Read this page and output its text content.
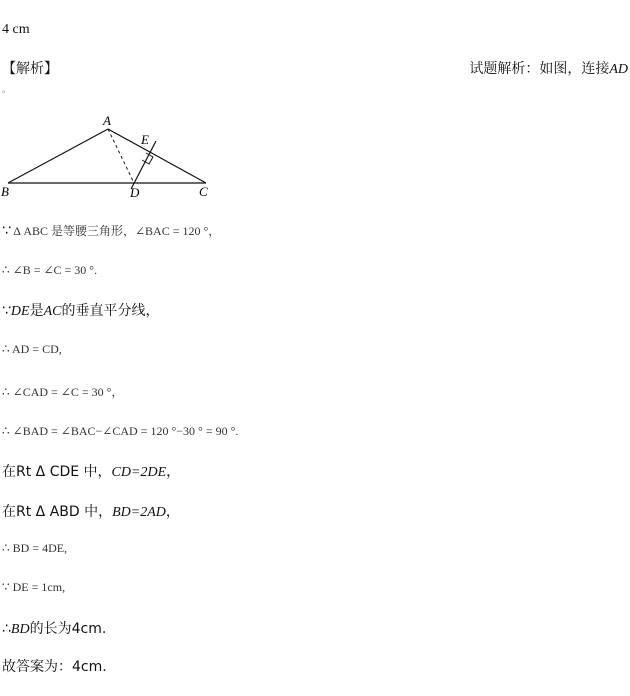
4 cm
【解析】	试题解析：如图，连接AD
。
A
B	C
D
E
∵ Δ ABC 是等腰三角形，∠BAC = 120 °，
∴ ∠B = ∠C = 30 °.
∵DE是AC的垂直平分线，
∴ AD = CD,
∴ ∠CAD = ∠C = 30 °，
∴ ∠BAD = ∠BAC−∠CAD = 120 °−30 ° = 90 °.
在Rt Δ CDE 中，CD=2DE，
在Rt Δ ABD 中，BD=2AD，
∴ BD = 4DE,
∵ DE = 1cm,
∴BD的长为4cm.
故答案为：4cm.
